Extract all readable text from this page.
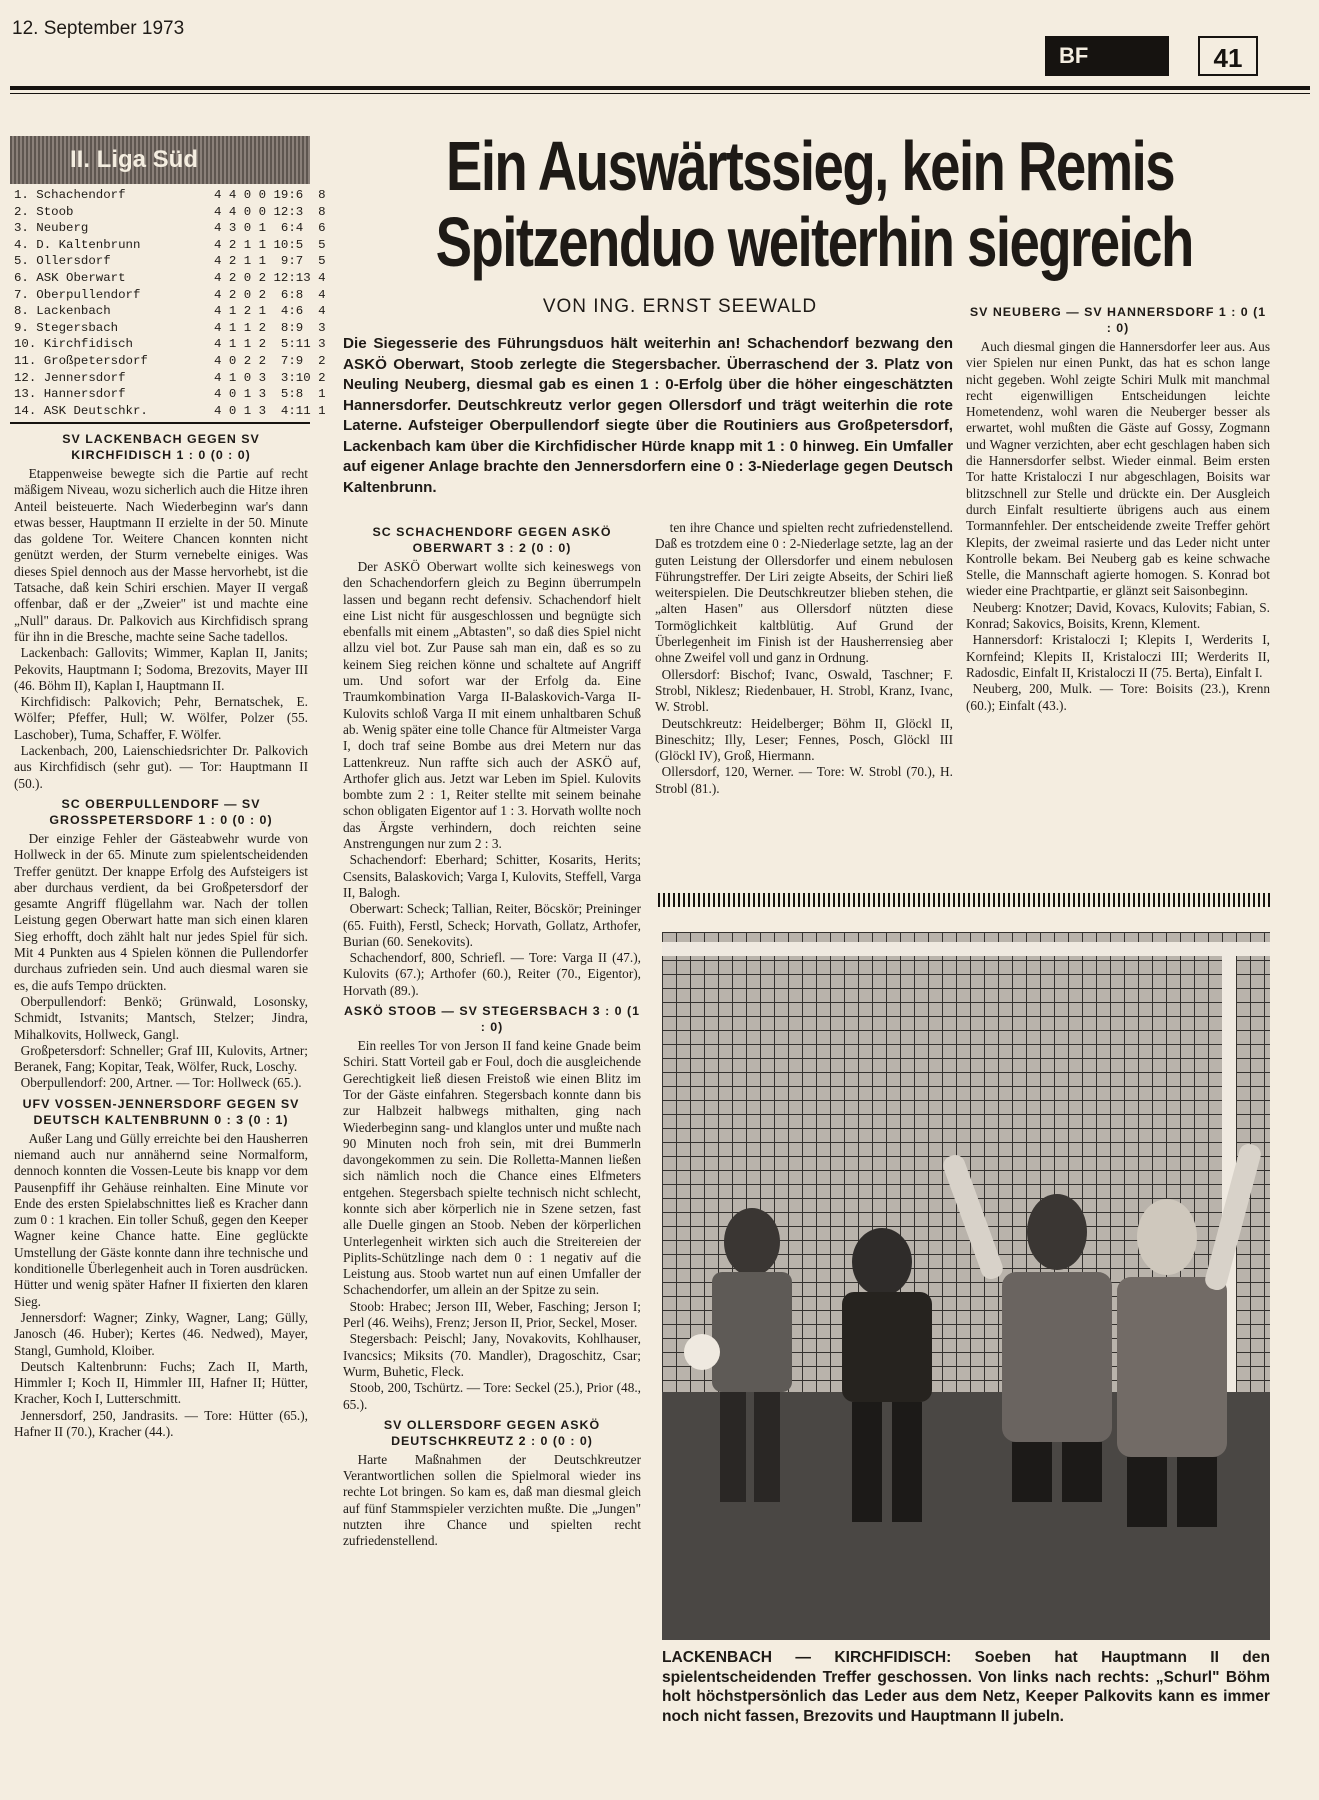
12. September 1973
BF	41
II. Liga Süd
1. Schachendorf	4 4 0 0 19:6  8
2. Stoob	4 4 0 0 12:3  8
3. Neuberg	4 3 0 1  6:4  6
4. D. Kaltenbrunn	4 2 1 1 10:5  5
5. Ollersdorf	4 2 1 1  9:7  5
6. ASK Oberwart	4 2 0 2 12:13 4
7. Oberpullendorf	4 2 0 2  6:8  4
8. Lackenbach	4 1 2 1  4:6  4
9. Stegersbach	4 1 1 2  8:9  3
10. Kirchfidisch	4 1 1 2  5:11 3
11. Großpetersdorf	4 0 2 2  7:9  2
12. Jennersdorf	4 1 0 3  3:10 2
13. Hannersdorf	4 0 1 3  5:8  1
14. ASK Deutschkr.	4 0 1 3  4:11 1
Ein Auswärtssieg, kein Remis
Spitzenduo weiterhin siegreich
VON ING. ERNST SEEWALD
Die Siegesserie des Führungsduos hält weiterhin an! Schachendorf bezwang den ASKÖ Oberwart, Stoob zerlegte die Stegersbacher. Überraschend der 3. Platz von Neuling Neuberg, diesmal gab es einen 1 : 0-Erfolg über die höher eingeschätzten Hannersdorfer. Deutschkreutz verlor gegen Ollersdorf und trägt weiterhin die rote Laterne. Aufsteiger Oberpullendorf siegte über die Routiniers aus Großpetersdorf, Lackenbach kam über die Kirchfidischer Hürde knapp mit 1 : 0 hinweg. Ein Umfaller auf eigener Anlage brachte den Jennersdorfern eine 0 : 3-Niederlage gegen Deutsch Kaltenbrunn.
SV LACKENBACH GEGEN SV KIRCHFIDISCH 1 : 0 (0 : 0)

Etappenweise bewegte sich die Partie auf recht mäßigem Niveau, wozu sicherlich auch die Hitze ihren Anteil beisteuerte. Nach Wiederbeginn war's dann etwas besser, Hauptmann II erzielte in der 50. Minute das goldene Tor. Weitere Chancen konnten nicht genützt werden, der Sturm vernebelte einiges. Was dieses Spiel dennoch aus der Masse hervorhebt, ist die Tatsache, daß kein Schiri erschien. Mayer II vergaß offenbar, daß er der „Zweier" ist und machte eine „Null" daraus. Dr. Palkovich aus Kirchfidisch sprang für ihn in die Bresche, machte seine Sache tadellos.

Lackenbach: Gallovits; Wimmer, Kaplan II, Janits; Pekovits, Hauptmann I; Sodoma, Brezovits, Mayer III (46. Böhm II), Kaplan I, Hauptmann II.

Kirchfidisch: Palkovich; Pehr, Bernatschek, E. Wölfer; Pfeffer, Hull; W. Wölfer, Polzer (55. Laschober), Tuma, Schaffer, F. Wölfer.

Lackenbach, 200, Laienschiedsrichter Dr. Palkovich aus Kirchfidisch (sehr gut). — Tor: Hauptmann II (50.).

SC OBERPULLENDORF — SV GROSSPETERSDORF 1 : 0 (0 : 0)

Der einzige Fehler der Gästeabwehr wurde von Hollweck in der 65. Minute zum spielentscheidenden Treffer genützt. Der knappe Erfolg des Aufsteigers ist aber durchaus verdient, da bei Großpetersdorf der gesamte Angriff flügellahm war. Nach der tollen Leistung gegen Oberwart hatte man sich einen klaren Sieg erhofft, doch zählt halt nur jedes Spiel für sich. Mit 4 Punkten aus 4 Spielen können die Pullendorfer durchaus zufrieden sein. Und auch diesmal waren sie es, die aufs Tempo drückten.

Oberpullendorf: Benkö; Grünwald, Losonsky, Schmidt, Istvanits; Mantsch, Stelzer; Jindra, Mihalkovits, Hollweck, Gangl.

Großpetersdorf: Schneller; Graf III, Kulovits, Artner; Beranek, Fang; Kopitar, Teak, Wölfer, Ruck, Loschy.

Oberpullendorf: 200, Artner. — Tor: Hollweck (65.).

UFV VOSSEN-JENNERSDORF GEGEN SV DEUTSCH KALTENBRUNN 0 : 3 (0 : 1)

Außer Lang und Gülly erreichte bei den Hausherren niemand auch nur annähernd seine Normalform, dennoch konnten die Vossen-Leute bis knapp vor dem Pausenpfiff ihr Gehäuse reinhalten. Eine Minute vor Ende des ersten Spielabschnittes ließ es Kracher dann zum 0 : 1 krachen. Ein toller Schuß, gegen den Keeper Wagner keine Chance hatte. Eine geglückte Umstellung der Gäste konnte dann ihre technische und konditionelle Überlegenheit auch in Toren ausdrücken. Hütter und wenig später Hafner II fixierten den klaren Sieg.

Jennersdorf: Wagner; Zinky, Wagner, Lang; Gülly, Janosch (46. Huber); Kertes (46. Nedwed), Mayer, Stangl, Gumhold, Kloiber.

Deutsch Kaltenbrunn: Fuchs; Zach II, Marth, Himmler I; Koch II, Himmler III, Hafner II; Hütter, Kracher, Koch I, Lutterschmitt.

Jennersdorf, 250, Jandrasits. — Tore: Hütter (65.), Hafner II (70.), Kracher (44.).

SC SCHACHENDORF GEGEN ASKÖ OBERWART 3 : 2 (0 : 0)

Der ASKÖ Oberwart wollte sich keineswegs von den Schachendorfern gleich zu Beginn überrumpeln lassen und begann recht defensiv. Schachendorf hielt eine List nicht für ausgeschlossen und begnügte sich ebenfalls mit einem „Abtasten", so daß dies Spiel nicht allzu viel bot. Zur Pause sah man ein, daß es so zu keinem Sieg reichen könne und schaltete auf Angriff um. Und sofort war der Erfolg da. Eine Traumkombination Varga II-Balaskovich-Varga II-Kulovits schloß Varga II mit einem unhaltbaren Schuß ab. Wenig später eine tolle Chance für Altmeister Varga I, doch traf seine Bombe aus drei Metern nur das Lattenkreuz. Nun raffte sich auch der ASKÖ auf, Arthofer glich aus. Jetzt war Leben im Spiel. Kulovits bombte zum 2 : 1, Reiter stellte mit seinem beinahe schon obligaten Eigentor auf 1 : 3. Horvath wollte noch das Ärgste verhindern, doch reichten seine Anstrengungen nur zum 2 : 3.

Schachendorf: Eberhard; Schitter, Kosarits, Herits; Csensits, Balaskovich; Varga I, Kulovits, Steffell, Varga II, Balogh.

Oberwart: Scheck; Tallian, Reiter, Böcskör; Preininger (65. Fuith), Ferstl, Scheck; Horvath, Gollatz, Arthofer, Burian (60. Senekovits).

Schachendorf, 800, Schriefl. — Tore: Varga II (47.), Kulovits (67.); Arthofer (60.), Reiter (70., Eigentor), Horvath (89.).

ASKÖ STOOB — SV STEGERSBACH 3 : 0 (1 : 0)

Ein reelles Tor von Jerson II fand keine Gnade beim Schiri. Statt Vorteil gab er Foul, doch die ausgleichende Gerechtigkeit ließ diesen Freistoß wie einen Blitz im Tor der Gäste einfahren. Stegersbach konnte dann bis zur Halbzeit halbwegs mithalten, ging nach Wiederbeginn sang- und klanglos unter und mußte nach 90 Minuten noch froh sein, mit drei Bummerln davongekommen zu sein. Die Rolletta-Mannen ließen sich nämlich noch die Chance eines Elfmeters entgehen. Stegersbach spielte technisch nicht schlecht, konnte sich aber körperlich nie in Szene setzen, fast alle Duelle gingen an Stoob. Neben der körperlichen Unterlegenheit wirkten sich auch die Streitereien der Piplits-Schützlinge nach dem 0 : 1 negativ auf die Leistung aus. Stoob wartet nun auf einen Umfaller der Schachendorfer, um allein an der Spitze zu sein.

Stoob: Hrabec; Jerson III, Weber, Fasching; Jerson I; Perl (46. Weihs), Frenz; Jerson II, Prior, Seckel, Moser.

Stegersbach: Peischl; Jany, Novakovits, Kohlhauser, Ivancsics; Miksits (70. Mandler), Dragoschitz, Csar; Wurm, Buhetic, Fleck.

Stoob, 200, Tschürtz. — Tore: Seckel (25.), Prior (48., 65.).

SV OLLERSDORF GEGEN ASKÖ DEUTSCHKREUTZ 2 : 0 (0 : 0)

Harte Maßnahmen der Deutschkreutzer Verantwortlichen sollen die Spielmoral wieder ins rechte Lot bringen. So kam es, daß man diesmal gleich auf fünf Stammspieler verzichten mußte. Die „Jungen" nutzten ihre Chance und spielten recht zufriedenstellend.

ten ihre Chance und spielten recht zufriedenstellend. Daß es trotzdem eine 0 : 2-Niederlage setzte, lag an der guten Leistung der Ollersdorfer und einem nebulosen Führungstreffer. Der Liri zeigte Abseits, der Schiri ließ weiterspielen. Die Deutschkreutzer blieben stehen, die „alten Hasen" aus Ollersdorf nützten diese Tormöglichkeit kaltblütig. Auf Grund der Überlegenheit im Finish ist der Hausherrensieg aber ohne Zweifel voll und ganz in Ordnung.

Ollersdorf: Bischof; Ivanc, Oswald, Taschner; F. Strobl, Niklesz; Riedenbauer, H. Strobl, Kranz, Ivanc, W. Strobl.

Deutschkreutz: Heidelberger; Böhm II, Glöckl II, Bineschitz; Illy, Leser; Fennes, Posch, Glöckl III (Glöckl IV), Groß, Hiermann.

Ollersdorf, 120, Werner. — Tore: W. Strobl (70.), H. Strobl (81.).

SV NEUBERG — SV HANNERSDORF 1 : 0 (1 : 0)

Auch diesmal gingen die Hannersdorfer leer aus. Aus vier Spielen nur einen Punkt, das hat es schon lange nicht gegeben. Wohl zeigte Schiri Mulk mit manchmal recht eigenwilligen Entscheidungen leichte Hometendenz, wohl waren die Neuberger besser als erwartet, wohl mußten die Gäste auf Gossy, Zogmann und Wagner verzichten, aber echt geschlagen haben sich die Hannersdorfer selbst. Wieder einmal. Beim ersten Tor hatte Kristaloczi I nur abgeschlagen, Boisits war blitzschnell zur Stelle und drückte ein. Der Ausgleich durch Einfalt resultierte übrigens auch aus einem Tormannfehler. Der entscheidende zweite Treffer gehört Klepits, der zweimal rasierte und das Leder nicht unter Kontrolle bekam. Bei Neuberg gab es keine schwache Stelle, die Mannschaft agierte homogen. S. Konrad bot wieder eine Prachtpartie, er glänzt seit Saisonbeginn.

Neuberg: Knotzer; David, Kovacs, Kulovits; Fabian, S. Konrad; Sakovics, Boisits, Krenn, Klement.

Hannersdorf: Kristaloczi I; Klepits I, Werderits I, Kornfeind; Klepits II, Kristaloczi III; Werderits II, Radosdic, Einfalt II, Kristaloczi II (75. Berta), Einfalt I.

Neuberg, 200, Mulk. — Tore: Boisits (23.), Krenn (60.); Einfalt (43.).

LACKENBACH — KIRCHFIDISCH: Soeben hat Hauptmann II den spielentscheidenden Treffer geschossen. Von links nach rechts: „Schurl" Böhm holt höchstpersönlich das Leder aus dem Netz, Keeper Palkovits kann es immer noch nicht fassen, Brezovits und Hauptmann II jubeln.
